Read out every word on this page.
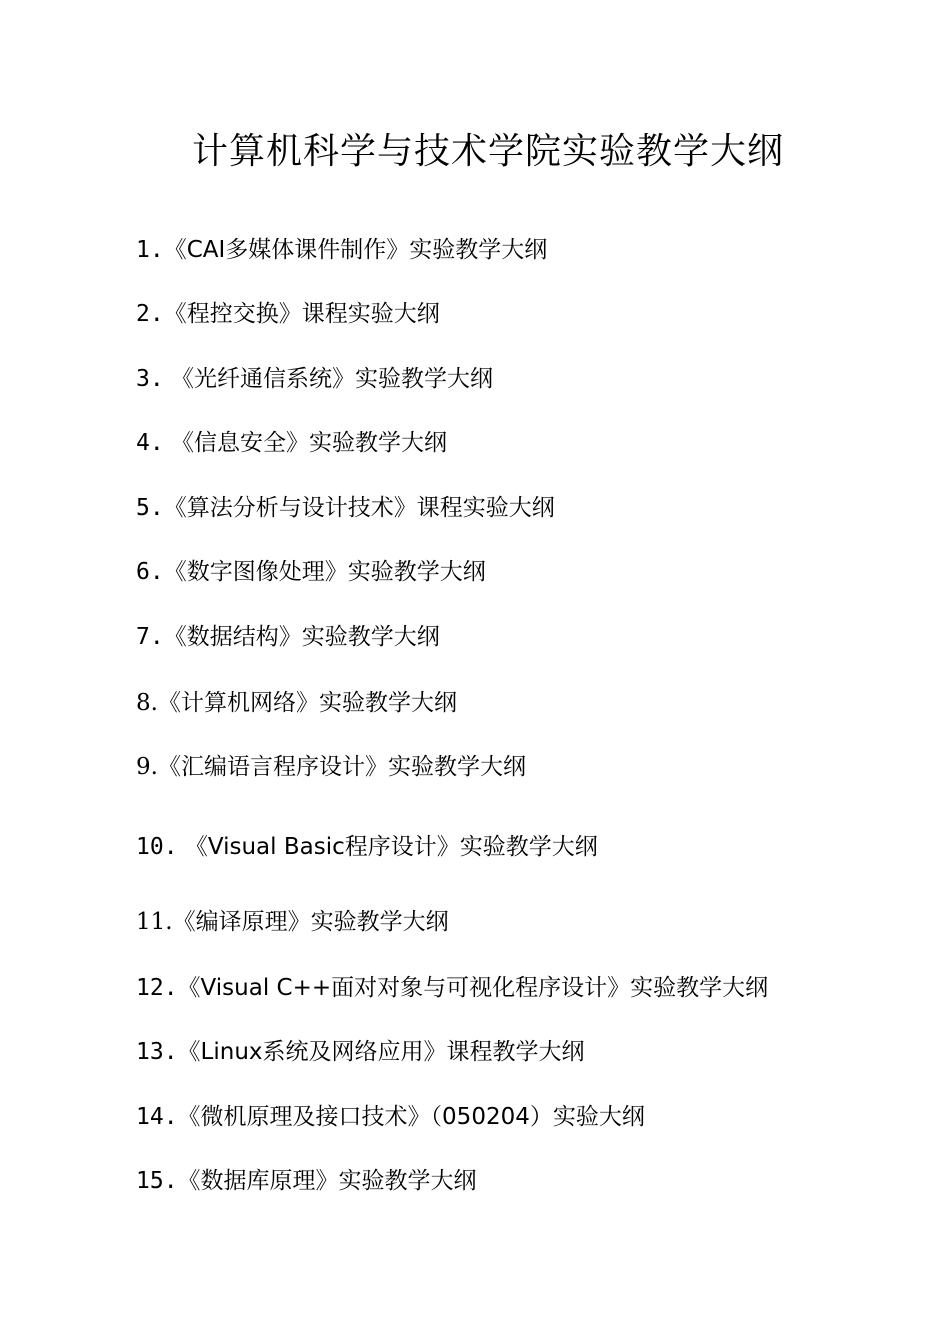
计算机科学与技术学院实验教学大纲
1.《CAI多媒体课件制作》实验教学大纲
2.《程控交换》课程实验大纲
3. 《光纤通信系统》实验教学大纲
4. 《信息安全》实验教学大纲
5.《算法分析与设计技术》课程实验大纲
6.《数字图像处理》实验教学大纲
7.《数据结构》实验教学大纲
8.《计算机网络》实验教学大纲
9.《汇编语言程序设计》实验教学大纲
10. 《Visual Basic程序设计》实验教学大纲
11.《编译原理》实验教学大纲
12.《Visual C++面对对象与可视化程序设计》实验教学大纲
13.《Linux系统及网络应用》课程教学大纲
14.《微机原理及接口技术》（050204）实验大纲
15.《数据库原理》实验教学大纲
